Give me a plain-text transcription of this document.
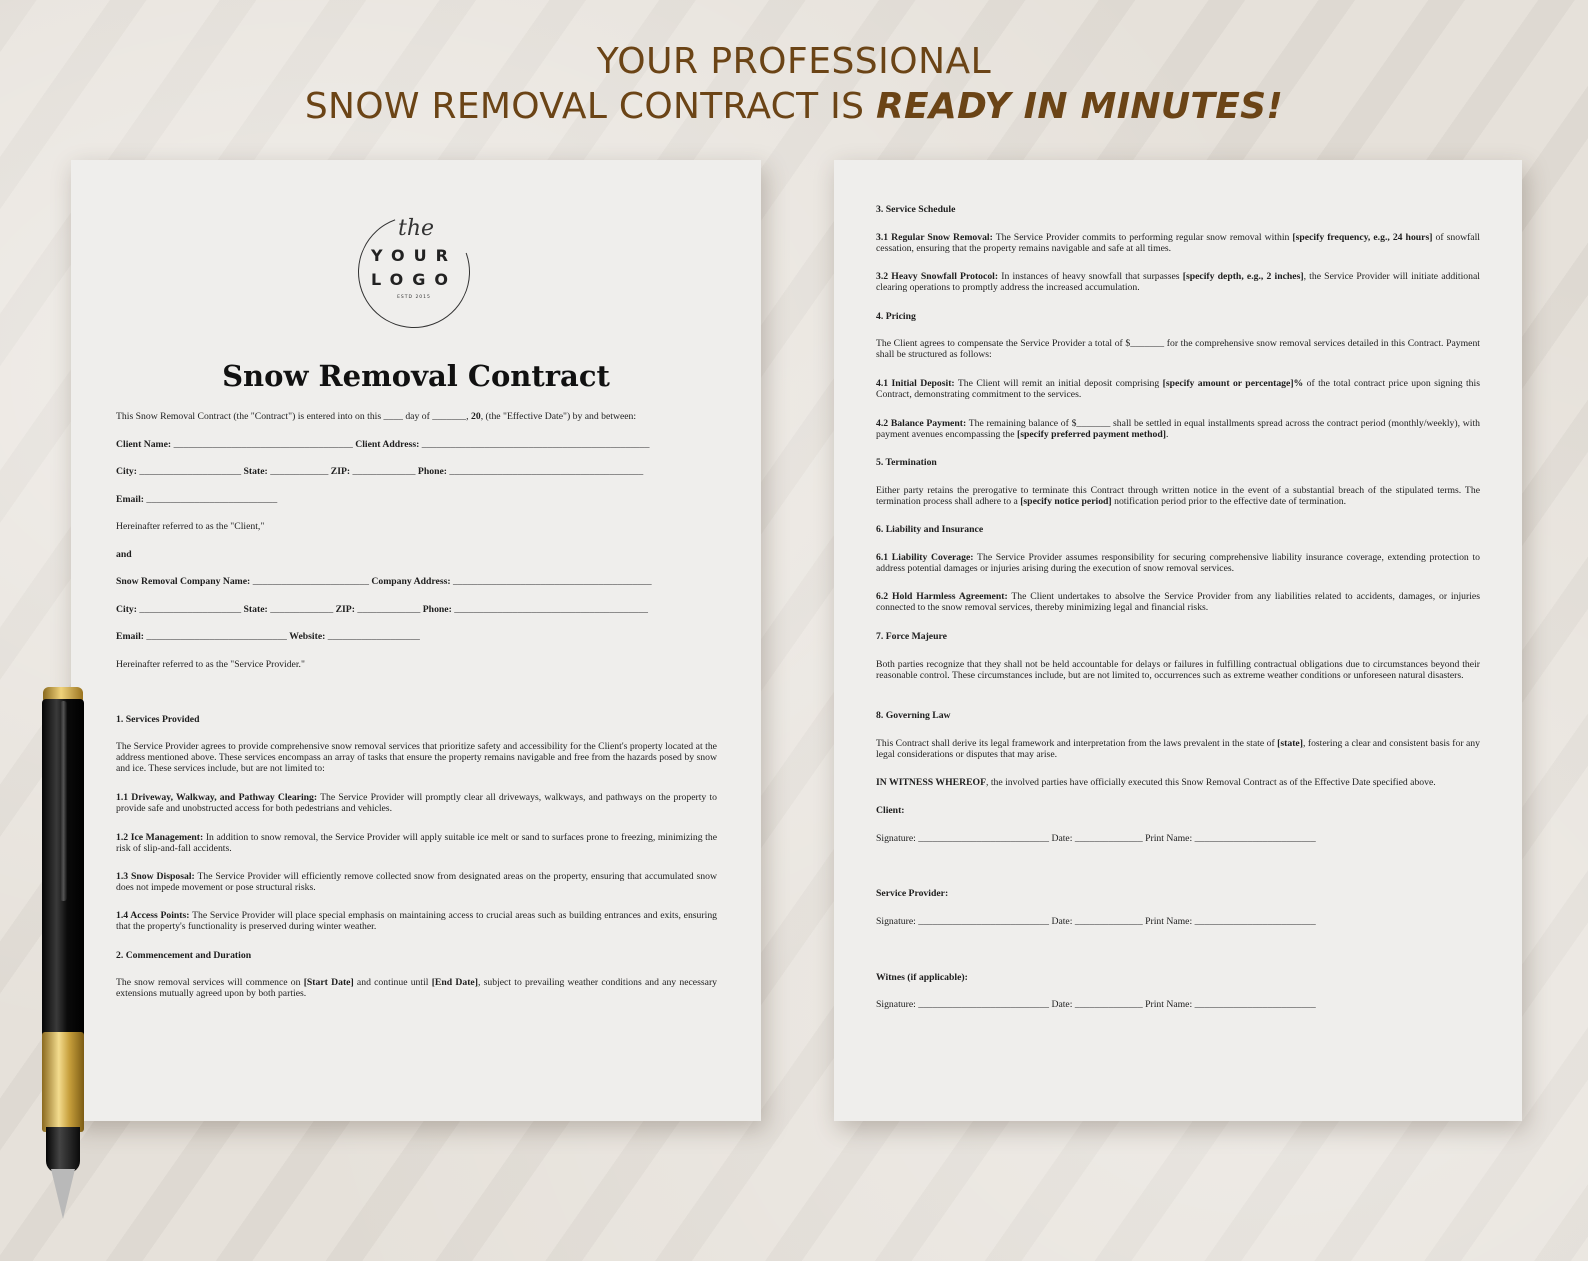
YOUR PROFESSIONAL
SNOW REMOVAL CONTRACT IS READY IN MINUTES!
the
YOUR
LOGO
ESTD 2015
Snow Removal Contract
This Snow Removal Contract (the "Contract") is entered into on this ____ day of _______, 20, (the "Effective Date") by and between:
Client Name: _____________________________________ Client Address: _______________________________________________
City: _____________________ State: ____________ ZIP: _____________ Phone: ________________________________________
Email: ___________________________
Hereinafter referred to as the "Client,"
and
Snow Removal Company Name: ________________________ Company Address: _________________________________________
City: _____________________ State: _____________ ZIP: _____________ Phone: ________________________________________
Email: _____________________________ Website: ___________________
Hereinafter referred to as the "Service Provider."
1. Services Provided
The Service Provider agrees to provide comprehensive snow removal services that prioritize safety and accessibility for the Client's property located at the address mentioned above. These services encompass an array of tasks that ensure the property remains navigable and free from the hazards posed by snow and ice. These services include, but are not limited to:
1.1 Driveway, Walkway, and Pathway Clearing: The Service Provider will promptly clear all driveways, walkways, and pathways on the property to provide safe and unobstructed access for both pedestrians and vehicles.
1.2 Ice Management: In addition to snow removal, the Service Provider will apply suitable ice melt or sand to surfaces prone to freezing, minimizing the risk of slip-and-fall accidents.
1.3 Snow Disposal: The Service Provider will efficiently remove collected snow from designated areas on the property, ensuring that accumulated snow does not impede movement or pose structural risks.
1.4 Access Points: The Service Provider will place special emphasis on maintaining access to crucial areas such as building entrances and exits, ensuring that the property's functionality is preserved during winter weather.
2. Commencement and Duration
The snow removal services will commence on [Start Date] and continue until [End Date], subject to prevailing weather conditions and any necessary extensions mutually agreed upon by both parties.
3. Service Schedule
3.1 Regular Snow Removal: The Service Provider commits to performing regular snow removal within [specify frequency, e.g., 24 hours] of snowfall cessation, ensuring that the property remains navigable and safe at all times.
3.2 Heavy Snowfall Protocol: In instances of heavy snowfall that surpasses [specify depth, e.g., 2 inches], the Service Provider will initiate additional clearing operations to promptly address the increased accumulation.
4. Pricing
The Client agrees to compensate the Service Provider a total of $_______ for the comprehensive snow removal services detailed in this Contract. Payment shall be structured as follows:
4.1 Initial Deposit: The Client will remit an initial deposit comprising [specify amount or percentage]% of the total contract price upon signing this Contract, demonstrating commitment to the services.
4.2 Balance Payment: The remaining balance of $_______ shall be settled in equal installments spread across the contract period (monthly/weekly), with payment avenues encompassing the [specify preferred payment method].
5. Termination
Either party retains the prerogative to terminate this Contract through written notice in the event of a substantial breach of the stipulated terms. The termination process shall adhere to a [specify notice period] notification period prior to the effective date of termination.
6. Liability and Insurance
6.1 Liability Coverage: The Service Provider assumes responsibility for securing comprehensive liability insurance coverage, extending protection to address potential damages or injuries arising during the execution of snow removal services.
6.2 Hold Harmless Agreement: The Client undertakes to absolve the Service Provider from any liabilities related to accidents, damages, or injuries connected to the snow removal services, thereby minimizing legal and financial risks.
7. Force Majeure
Both parties recognize that they shall not be held accountable for delays or failures in fulfilling contractual obligations due to circumstances beyond their reasonable control. These circumstances include, but are not limited to, occurrences such as extreme weather conditions or unforeseen natural disasters.
8. Governing Law
This Contract shall derive its legal framework and interpretation from the laws prevalent in the state of [state], fostering a clear and consistent basis for any legal considerations or disputes that may arise.
IN WITNESS WHEREOF, the involved parties have officially executed this Snow Removal Contract as of the Effective Date specified above.
Client:
Signature: ___________________________ Date: ______________ Print Name: _________________________
Service Provider:
Signature: ___________________________ Date: ______________ Print Name: _________________________
Witnes (if applicable):
Signature: ___________________________ Date: ______________ Print Name: _________________________
